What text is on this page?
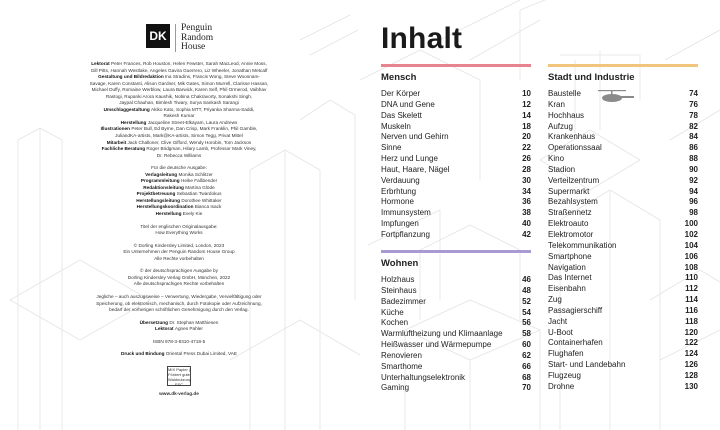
DK
Penguin
Random
House

Lektorat Peter Frances, Rob Houston, Helen Fewster, Sarah MacLeod, Annie Moss,

Gill Pitts, Hannah Westlake, Angeles Gavira Guerrero, Liz Wheeler, Jonathan Metcalf

Gestaltung und Bildredaktion Ina Stradins, Francis Wong, Steve Woosnam-

Savage, Karen Constanti, Alison Gardner, Mik Gates, Simon Murrell, Clarisse Hassan,

Michael Duffy, Romaine Werblow, Laura Barwick, Karen Self, Phil Ormerod, Vaibhav

Rastogi, Rupanki Arora Kaushik, Nobina Chakravorty, Sonakshi Singh,

Jaypal Chauhan, Bimlesh Tiwary, Surya Sankash Sarangi

Umschlaggestaltung Akiko Kato, Sophia MTT, Priyanka Sharma-Saddi,

Rakesh Kumar

Herstellung Jacqueline Street-Elkayam, Laura Andrews

Illustrationen Peter Bull, Ed Byrne, Dan Crisp, Mark Franklin, Phil Gamble,

JuliandKA-artists, Mark@KA-artists, Simon Tegg, Privat Mittel

Mitarbeit Jack Challoner, Clive Gifford, Wendy Horobin, Tom Jackson

Fachliche Beratung Roger Bridgman, Hilary Lamb, Professor Mark Viney,

Dr. Rebecca Williams

Für die deutsche Ausgabe:

Verlagsleitung Monika Schlitzer

Programmleitung Heike Faßbender

Redaktionsleitung Martina Glöde

Projektbetreuung Sebastian Twardokus

Herstellungsleitung Dorothee Whittaker

Herstellungskoordination Bianca Isack

Herstellung Evely Kie

Titel der englischen Originalausgabe:

How Everything Works

© Dorling Kindersley Limited, London, 2023

Ein Unternehmen der Penguin Random House Group

Alle Rechte vorbehalten

© der deutschsprachigen Ausgabe by

Dorling Kindersley Verlag GmbH, München, 2022

Alle deutschsprachigen Rechte vorbehalten

Jegliche – auch auszugsweise – Verwertung, Wiedergabe, Vervielfältigung oder

Speicherung, ob elektronisch, mechanisch, durch Fotokopie oder Aufzeichnung,

bedarf der vorherigen schriftlichen Genehmigung durch den Verlag.

Übersetzung Dr. Stephan Matthiesen

Lektorat Agnes Pahler

ISBN 978-3-8310-4718-5

Druck und Bindung Oriental Press Dubai Limited, VAE

MIX Papier | Fördert gute Waldnutzung FSC

www.dk-verlag.de

Inhalt
Mensch
Der Körper	10
DNA und Gene	12
Das Skelett	14
Muskeln	18
Nerven und Gehirn	20
Sinne	22
Herz und Lunge	26
Haut, Haare, Nägel	28
Verdauung	30
Erbrhtung	34
Hormone	36
Immunsystem	38
Impfungen	40
Fortpflanzung	42
Wohnen
Holzhaus	46
Steinhaus	48
Badezimmer	52
Küche	54
Kochen	56
Warmluftheizung und Klimaanlage 58
Heißwasser und Wärmepumpe	60
Renovieren	62
Smarthome	66
Unterhaltungselektronik	68
Gaming	70
Stadt und Industrie
Baustelle	74
Kran	76
Hochhaus	78
Aufzug	82
Krankenhaus	84
Operationssaal	86
Kino	88
Stadion	90
Verteilzentrum	92
Supermarkt	94
Bezahlsystem	96
Straßennetz	98
Elektroauto	100
Elektromotor	102
Telekommunikation	104
Smartphone	106
Navigation	108
Das Internet	110
Eisenbahn	112
Zug	114
Passagierschiff	116
Jacht	118
U-Boot	120
Containerhafen	122
Flughafen	124
Start- und Landebahn	126
Flugzeug	128
Drohne	130
